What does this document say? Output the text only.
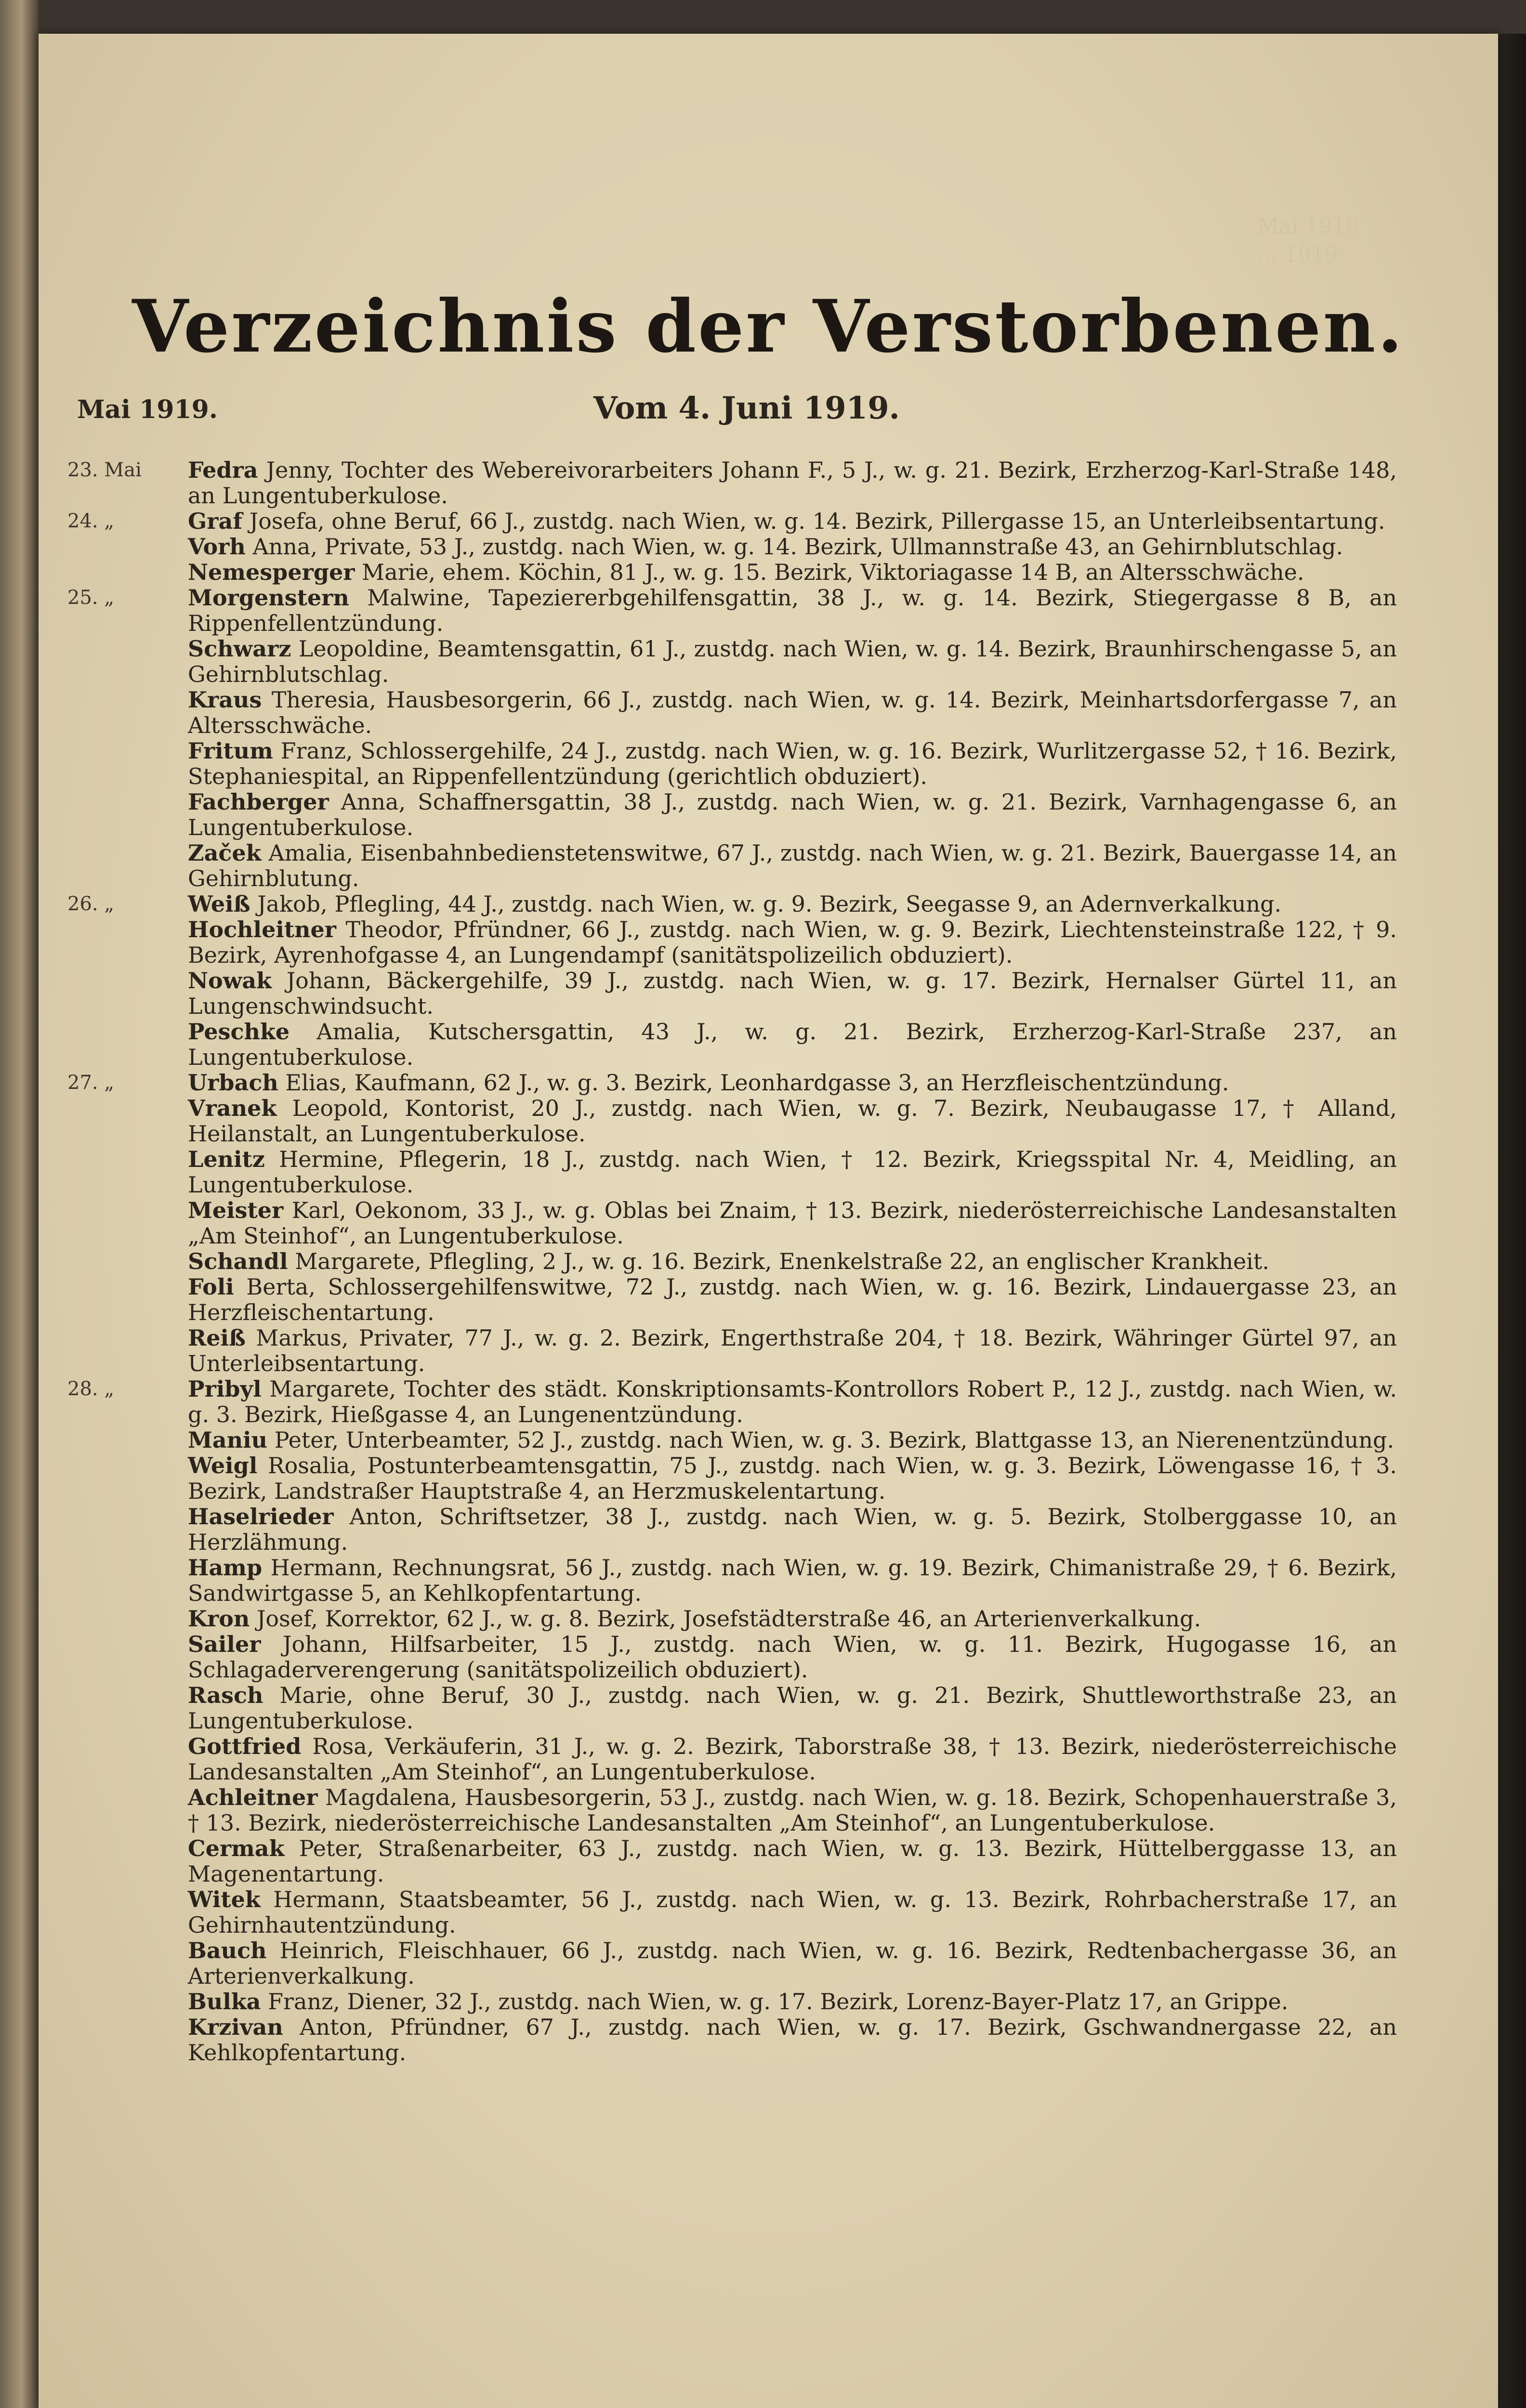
Mai 1918
... 1919
Verzeichnis der Verstorbenen.
Mai 1919.	Vom 4. Juni 1919.
23. Mai	Fedra Jenny, Tochter des Webereivorarbeiters Johann F., 5 J., w. g. 21. Bezirk, Erzherzog-Karl-Straße 148, an Lungentuberkulose.
24. „	Graf Josefa, ohne Beruf, 66 J., zustdg. nach Wien, w. g. 14. Bezirk, Pillergasse 15, an Unterleibsentartung.
Vorh Anna, Private, 53 J., zustdg. nach Wien, w. g. 14. Bezirk, Ullmannstraße 43, an Gehirnblutschlag.
Nemesperger Marie, ehem. Köchin, 81 J., w. g. 15. Bezirk, Viktoriagasse 14 B, an Altersschwäche.
25. „	Morgenstern Malwine, Tapeziererbgehilfensgattin, 38 J., w. g. 14. Bezirk, Stiegergasse 8 B, an Rippenfellentzündung.
Schwarz Leopoldine, Beamtensgattin, 61 J., zustdg. nach Wien, w. g. 14. Bezirk, Braunhirschengasse 5, an Gehirnblutschlag.
Kraus Theresia, Hausbesorgerin, 66 J., zustdg. nach Wien, w. g. 14. Bezirk, Meinhartsdorfergasse 7, an Altersschwäche.
Fritum Franz, Schlossergehilfe, 24 J., zustdg. nach Wien, w. g. 16. Bezirk, Wurlitzergasse 52, † 16. Bezirk, Stephaniespital, an Rippenfellentzündung (gerichtlich obduziert).
Fachberger Anna, Schaffnersgattin, 38 J., zustdg. nach Wien, w. g. 21. Bezirk, Varnhagengasse 6, an Lungentuberkulose.
Začek Amalia, Eisenbahnbedienstetenswitwe, 67 J., zustdg. nach Wien, w. g. 21. Bezirk, Bauergasse 14, an Gehirnblutung.
26. „	Weiß Jakob, Pflegling, 44 J., zustdg. nach Wien, w. g. 9. Bezirk, Seegasse 9, an Adernverkalkung.
Hochleitner Theodor, Pfründner, 66 J., zustdg. nach Wien, w. g. 9. Bezirk, Liechtensteinstraße 122, † 9. Bezirk, Ayrenhofgasse 4, an Lungendampf (sanitätspolizeilich obduziert).
Nowak Johann, Bäckergehilfe, 39 J., zustdg. nach Wien, w. g. 17. Bezirk, Hernalser Gürtel 11, an Lungenschwindsucht.
Peschke Amalia, Kutschersgattin, 43 J., w. g. 21. Bezirk, Erzherzog-Karl-Straße 237, an Lungentuberkulose.
27. „	Urbach Elias, Kaufmann, 62 J., w. g. 3. Bezirk, Leonhardgasse 3, an Herzfleischentzündung.
Vranek Leopold, Kontorist, 20 J., zustdg. nach Wien, w. g. 7. Bezirk, Neubaugasse 17, † Alland, Heilanstalt, an Lungentuberkulose.
Lenitz Hermine, Pflegerin, 18 J., zustdg. nach Wien, † 12. Bezirk, Kriegsspital Nr. 4, Meidling, an Lungentuberkulose.
Meister Karl, Oekonom, 33 J., w. g. Oblas bei Znaim, † 13. Bezirk, niederösterreichische Landesanstalten „Am Steinhof“, an Lungentuberkulose.
Schandl Margarete, Pflegling, 2 J., w. g. 16. Bezirk, Enenkelstraße 22, an englischer Krankheit.
Foli Berta, Schlossergehilfenswitwe, 72 J., zustdg. nach Wien, w. g. 16. Bezirk, Lindauergasse 23, an Herzfleischentartung.
Reiß Markus, Privater, 77 J., w. g. 2. Bezirk, Engerthstraße 204, † 18. Bezirk, Währinger Gürtel 97, an Unterleibsentartung.
28. „	Pribyl Margarete, Tochter des städt. Konskriptionsamts-Kontrollors Robert P., 12 J., zustdg. nach Wien, w. g. 3. Bezirk, Hießgasse 4, an Lungenentzündung.
Maniu Peter, Unterbeamter, 52 J., zustdg. nach Wien, w. g. 3. Bezirk, Blattgasse 13, an Nierenentzündung.
Weigl Rosalia, Postunterbeamtensgattin, 75 J., zustdg. nach Wien, w. g. 3. Bezirk, Löwengasse 16, † 3. Bezirk, Landstraßer Hauptstraße 4, an Herzmuskelentartung.
Haselrieder Anton, Schriftsetzer, 38 J., zustdg. nach Wien, w. g. 5. Bezirk, Stolberggasse 10, an Herzlähmung.
Hamp Hermann, Rechnungsrat, 56 J., zustdg. nach Wien, w. g. 19. Bezirk, Chimanistraße 29, † 6. Bezirk, Sandwirtgasse 5, an Kehlkopfentartung.
Kron Josef, Korrektor, 62 J., w. g. 8. Bezirk, Josefstädterstraße 46, an Arterienverkalkung.
Sailer Johann, Hilfsarbeiter, 15 J., zustdg. nach Wien, w. g. 11. Bezirk, Hugogasse 16, an Schlagaderverengerung (sanitätspolizeilich obduziert).
Rasch Marie, ohne Beruf, 30 J., zustdg. nach Wien, w. g. 21. Bezirk, Shuttleworthstraße 23, an Lungentuberkulose.
Gottfried Rosa, Verkäuferin, 31 J., w. g. 2. Bezirk, Taborstraße 38, † 13. Bezirk, niederösterreichische Landesanstalten „Am Steinhof“, an Lungentuberkulose.
Achleitner Magdalena, Hausbesorgerin, 53 J., zustdg. nach Wien, w. g. 18. Bezirk, Schopenhauerstraße 3, † 13. Bezirk, niederösterreichische Landesanstalten „Am Steinhof“, an Lungentuberkulose.
Cermak Peter, Straßenarbeiter, 63 J., zustdg. nach Wien, w. g. 13. Bezirk, Hüttelberggasse 13, an Magenentartung.
Witek Hermann, Staatsbeamter, 56 J., zustdg. nach Wien, w. g. 13. Bezirk, Rohrbacherstraße 17, an Gehirnhautentzündung.
Bauch Heinrich, Fleischhauer, 66 J., zustdg. nach Wien, w. g. 16. Bezirk, Redtenbachergasse 36, an Arterienverkalkung.
Bulka Franz, Diener, 32 J., zustdg. nach Wien, w. g. 17. Bezirk, Lorenz-Bayer-Platz 17, an Grippe.
Krzivan Anton, Pfründner, 67 J., zustdg. nach Wien, w. g. 17. Bezirk, Gschwandnergasse 22, an Kehlkopfentartung.
